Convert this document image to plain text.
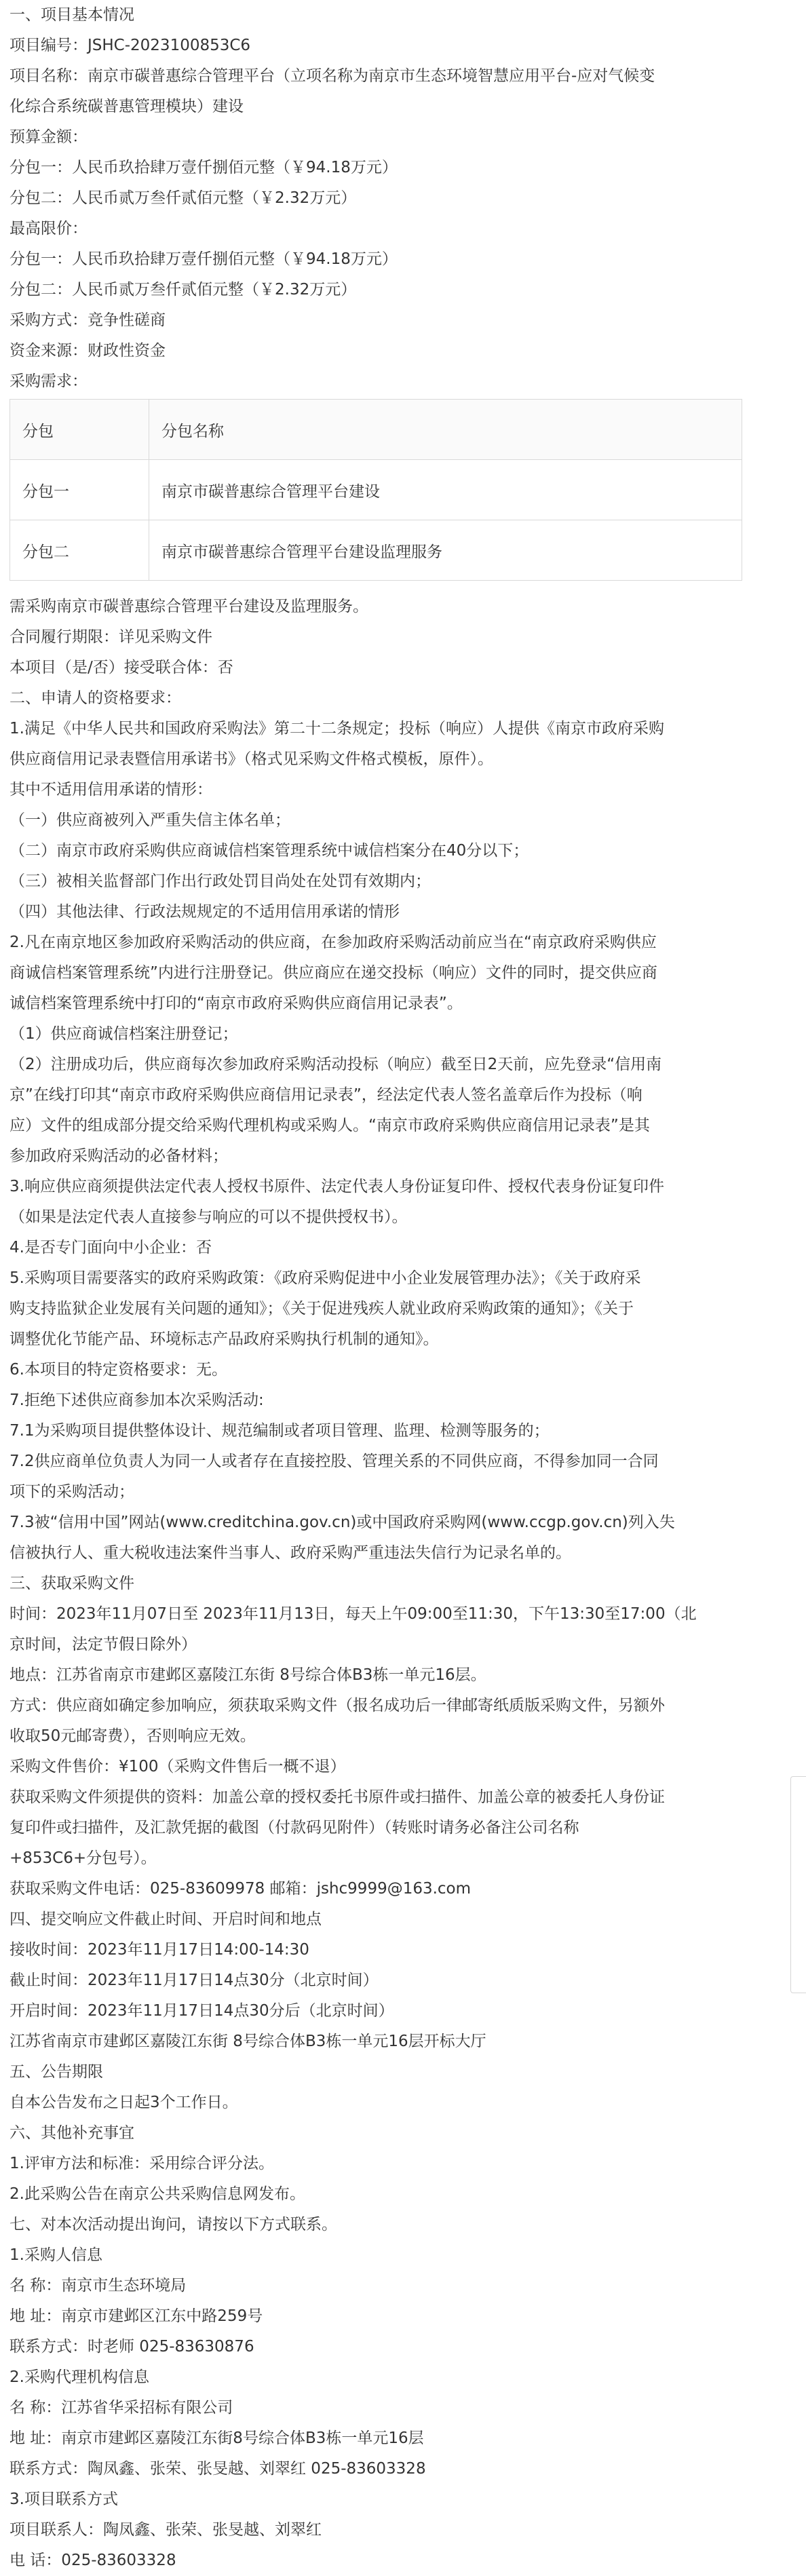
一、项目基本情况
项目编号：JSHC-2023100853C6
项目名称：南京市碳普惠综合管理平台（立项名称为南京市生态环境智慧应用平台-应对气候变
化综合系统碳普惠管理模块）建设
预算金额：
分包一：人民币玖拾肆万壹仟捌佰元整（￥94.18万元）
分包二：人民币贰万叁仟贰佰元整（￥2.32万元）
最高限价：
分包一：人民币玖拾肆万壹仟捌佰元整（￥94.18万元）
分包二：人民币贰万叁仟贰佰元整（￥2.32万元）
采购方式：竞争性磋商
资金来源：财政性资金
采购需求：
分包	分包名称
分包一	南京市碳普惠综合管理平台建设
分包二	南京市碳普惠综合管理平台建设监理服务
需采购南京市碳普惠综合管理平台建设及监理服务。
合同履行期限：详见采购文件
本项目（是/否）接受联合体：否
二、申请人的资格要求：
1.满足《中华人民共和国政府采购法》第二十二条规定；投标（响应）人提供《南京市政府采购
供应商信用记录表暨信用承诺书》（格式见采购文件格式模板，原件）。
其中不适用信用承诺的情形：
（一）供应商被列入严重失信主体名单；
（二）南京市政府采购供应商诚信档案管理系统中诚信档案分在40分以下；
（三）被相关监督部门作出行政处罚目尚处在处罚有效期内；
（四）其他法律、行政法规规定的不适用信用承诺的情形
2.凡在南京地区参加政府采购活动的供应商，在参加政府采购活动前应当在“南京政府采购供应
商诚信档案管理系统”内进行注册登记。供应商应在递交投标（响应）文件的同时，提交供应商
诚信档案管理系统中打印的“南京市政府采购供应商信用记录表”。
（1）供应商诚信档案注册登记；
（2）注册成功后，供应商每次参加政府采购活动投标（响应）截至日2天前，应先登录“信用南
京”在线打印其“南京市政府采购供应商信用记录表”，经法定代表人签名盖章后作为投标（响
应）文件的组成部分提交给采购代理机构或采购人。“南京市政府采购供应商信用记录表”是其
参加政府采购活动的必备材料；
3.响应供应商须提供法定代表人授权书原件、法定代表人身份证复印件、授权代表身份证复印件
（如果是法定代表人直接参与响应的可以不提供授权书）。
4.是否专门面向中小企业：否
5.采购项目需要落实的政府采购政策：《政府采购促进中小企业发展管理办法》；《关于政府采
购支持监狱企业发展有关问题的通知》；《关于促进残疾人就业政府采购政策的通知》；《关于
调整优化节能产品、环境标志产品政府采购执行机制的通知》。
6.本项目的特定资格要求：无。
7.拒绝下述供应商参加本次采购活动:
7.1为采购项目提供整体设计、规范编制或者项目管理、监理、检测等服务的；
7.2供应商单位负责人为同一人或者存在直接控股、管理关系的不同供应商，不得参加同一合同
项下的采购活动；
7.3被“信用中国”网站(www.creditchina.gov.cn)或中国政府采购网(www.ccgp.gov.cn)列入失
信被执行人、重大税收违法案件当事人、政府采购严重违法失信行为记录名单的。
三、获取采购文件
时间：2023年11月07日至 2023年11月13日，每天上午09:00至11:30，下午13:30至17:00（北
京时间，法定节假日除外）
地点：江苏省南京市建邺区嘉陵江东街 8号综合体B3栋一单元16层。
方式：供应商如确定参加响应，须获取采购文件（报名成功后一律邮寄纸质版采购文件，另额外
收取50元邮寄费），否则响应无效。
采购文件售价：¥100（采购文件售后一概不退）
获取采购文件须提供的资料：加盖公章的授权委托书原件或扫描件、加盖公章的被委托人身份证
复印件或扫描件，及汇款凭据的截图（付款码见附件）（转账时请务必备注公司名称
+853C6+分包号）。
获取采购文件电话：025-83609978 邮箱：jshc9999@163.com
四、提交响应文件截止时间、开启时间和地点
接收时间：2023年11月17日14:00-14:30
截止时间：2023年11月17日14点30分（北京时间）
开启时间：2023年11月17日14点30分后（北京时间）
江苏省南京市建邺区嘉陵江东街 8号综合体B3栋一单元16层开标大厅
五、公告期限
自本公告发布之日起3个工作日。
六、其他补充事宜
1.评审方法和标准：采用综合评分法。
2.此采购公告在南京公共采购信息网发布。
七、对本次活动提出询问，请按以下方式联系。
1.采购人信息
名 称：南京市生态环境局
地 址：南京市建邺区江东中路259号
联系方式：时老师 025-83630876
2.采购代理机构信息
名 称：江苏省华采招标有限公司
地 址：南京市建邺区嘉陵江东街8号综合体B3栋一单元16层
联系方式：陶凤鑫、张荣、张旻越、刘翠红 025-83603328
3.项目联系方式
项目联系人：陶凤鑫、张荣、张旻越、刘翠红
电 话：025-83603328
